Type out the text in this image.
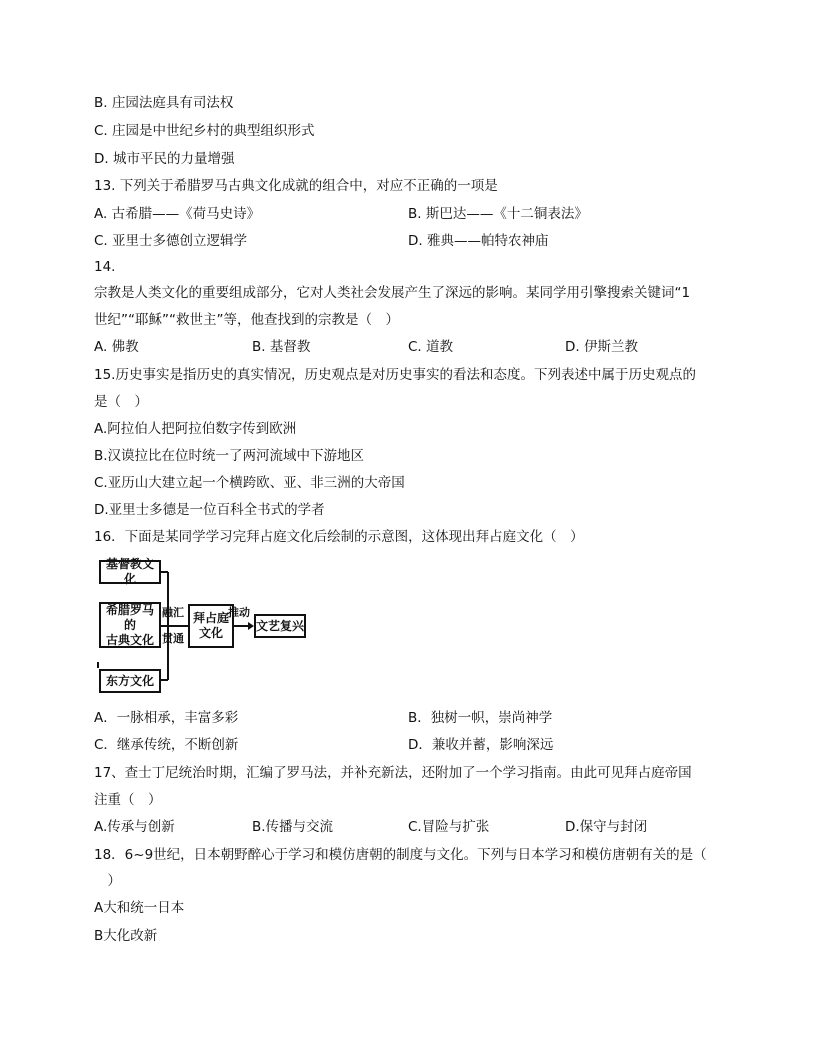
B. 庄园法庭具有司法权
C. 庄园是中世纪乡村的典型组织形式
D. 城市平民的力量增强
13. 下列关于希腊罗马古典文化成就的组合中，对应不正确的一项是
A. 古希腊——《荷马史诗》	B. 斯巴达——《十二铜表法》
C. 亚里士多德创立逻辑学	D. 雅典——帕特农神庙
14.
宗教是人类文化的重要组成部分，它对人类社会发展产生了深远的影响。某同学用引擎搜索关键词“1
世纪”“耶稣”“救世主”等，他查找到的宗教是（　）
A. 佛教	B. 基督教	C. 道教	D. 伊斯兰教
15.历史事实是指历史的真实情况，历史观点是对历史事实的看法和态度。下列表述中属于历史观点的
是（　）
A.阿拉伯人把阿拉伯数字传到欧洲
B.汉谟拉比在位时统一了两河流域中下游地区
C.亚历山大建立起一个横跨欧、亚、非三洲的大帝国
D.亚里士多德是一位百科全书式的学者
16．下面是某同学学习完拜占庭文化后绘制的示意图，这体现出拜占庭文化（　）
基督教文化
希腊罗马的
古典文化
东方文化
融汇
贯通
拜占庭
文化
推动
文艺复兴
A．一脉相承，丰富多彩	B．独树一帜，崇尚神学
C．继承传统，不断创新	D．兼收并蓄，影响深远
17、查士丁尼统治时期，汇编了罗马法，并补充新法，还附加了一个学习指南。由此可见拜占庭帝国
注重（　）
A.传承与创新	B.传播与交流	C.冒险与扩张	D.保守与封闭
18．6~9世纪，日本朝野醉心于学习和模仿唐朝的制度与文化。下列与日本学习和模仿唐朝有关的是（
　）
A大和统一日本
B大化改新
